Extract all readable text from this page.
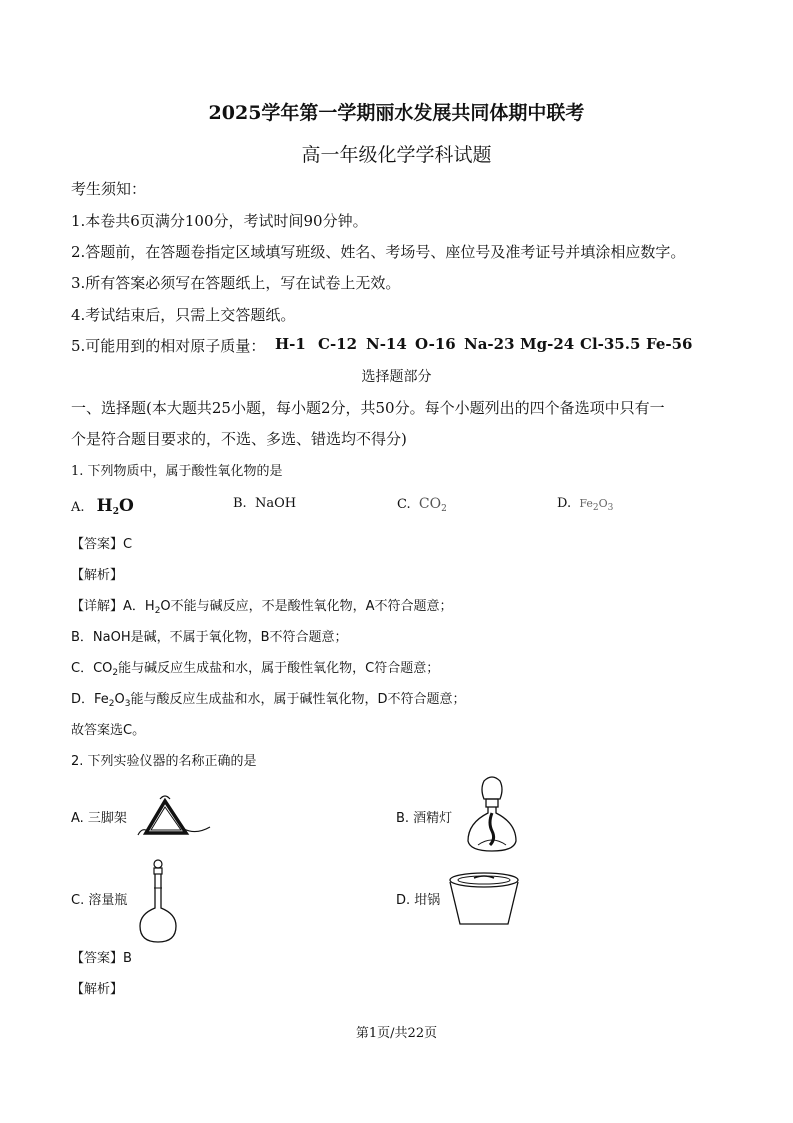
2025学年第一学期丽水发展共同体期中联考
高一年级化学学科试题
考生须知：
1.本卷共6页满分100分，考试时间90分钟。
2.答题前，在答题卷指定区域填写班级、姓名、考场号、座位号及准考证号并填涂相应数字。
3.所有答案必须写在答题纸上，写在试卷上无效。
4.考试结束后，只需上交答题纸。
5.可能用到的相对原子质量： H-1 C-12 N-14 O-16 Na-23 Mg-24 Cl-35.5 Fe-56
选择题部分
一、选择题(本大题共25小题，每小题2分，共50分。每个小题列出的四个备选项中只有一
个是符合题目要求的，不选、多选、错选均不得分)
1. 下列物质中，属于酸性氧化物的是
A. $H_2O$	B. NaOH	C. $CO_2$	D. $Fe_2O_3$
【答案】C
【解析】
【详解】A．$H_2O$不能与碱反应，不是酸性氧化物，A不符合题意；
B．NaOH是碱，不属于氧化物，B不符合题意；
C．$CO_2$能与碱反应生成盐和水，属于酸性氧化物，C符合题意；
D．$Fe_2O_3$能与酸反应生成盐和水，属于碱性氧化物，D不符合题意；
故答案选C。
2. 下列实验仪器的名称正确的是
A. 三脚架	B. 酒精灯
C. 溶量瓶	D. 坩锅
【答案】B
【解析】
第1页/共22页
